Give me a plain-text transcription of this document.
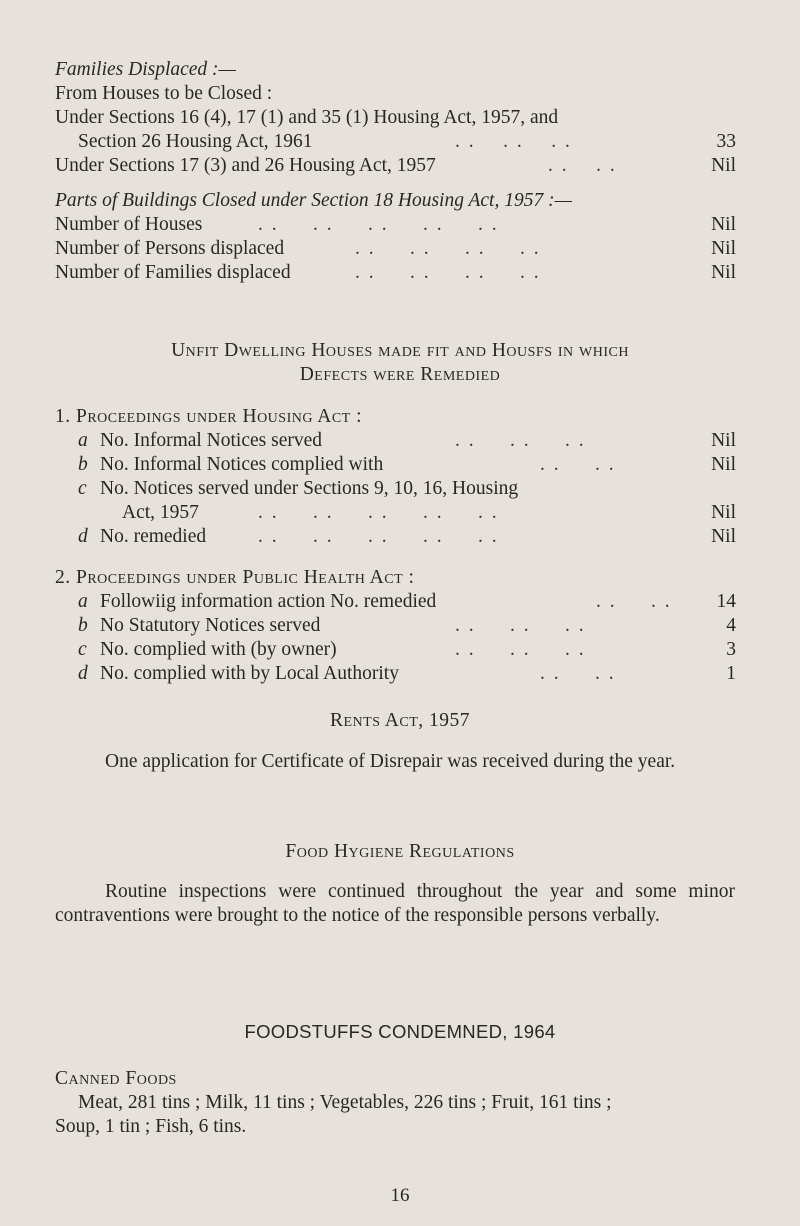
Families Displaced :—
From Houses to be Closed :
Under Sections 16 (4), 17 (1) and 35 (1) Housing Act, 1957, and
Section 26 Housing Act, 1961	. .    . .    . .	33
Under Sections 17 (3) and 26 Housing Act, 1957	. .    . .	Nil
Parts of Buildings Closed under Section 18 Housing Act, 1957 :—
Number of Houses	. .     . .     . .     . .     . .	Nil
Number of Persons displaced	. .     . .     . .     . .	Nil
Number of Families displaced	. .     . .     . .     . .	Nil
Unfit Dwelling Houses made fit and Housfs in which
Defects were Remedied
1. Proceedings under Housing Act :
a No. Informal Notices served	. .     . .     . .	Nil
b No. Informal Notices complied with	. .     . .	Nil
c No. Notices served under Sections 9, 10, 16, Housing
Act, 1957	. .     . .     . .     . .     . .	Nil
d No. remedied	. .     . .     . .     . .     . .	Nil
2. Proceedings under Public Health Act :
a Followiig information action No. remedied	. .     . . 14
b No Statutory Notices served	. .     . .     . .	4
c No. complied with (by owner)	. .     . .     . .	3
d No. complied with by Local Authority	. .     . .	1
Rents Act, 1957
One application for Certificate of Disrepair was received during the year.
Food Hygiene Regulations
Routine inspections were continued throughout the year and some minor contraventions were brought to the notice of the responsible persons verbally.
FOODSTUFFS CONDEMNED, 1964
Canned Foods
Meat, 281 tins ; Milk, 11 tins ; Vegetables, 226 tins ; Fruit, 161 tins ;
Soup, 1 tin ; Fish, 6 tins.
16
